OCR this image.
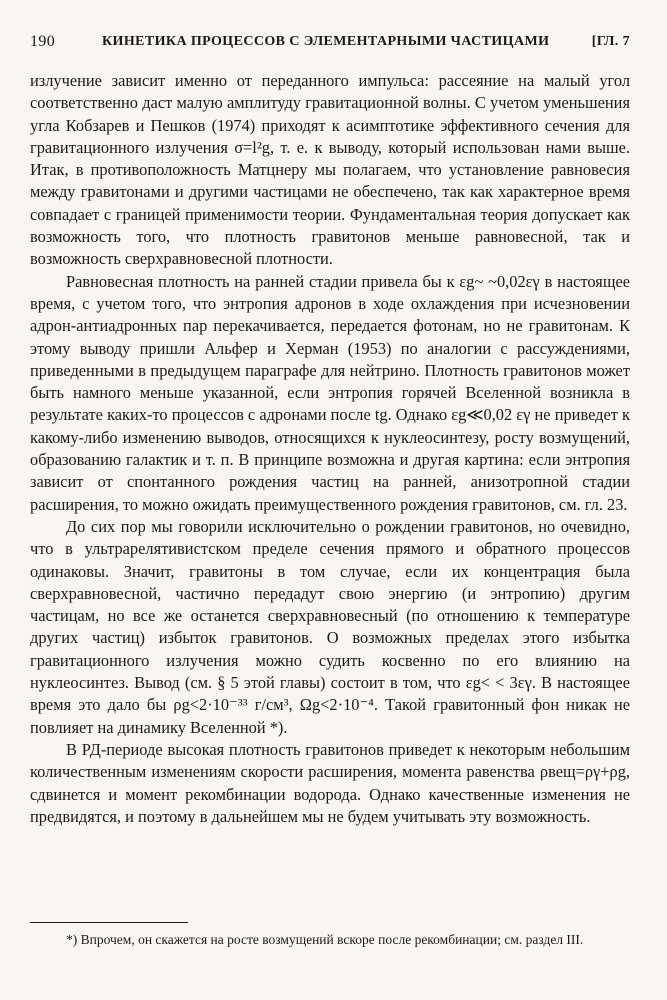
190	КИНЕТИКА ПРОЦЕССОВ С ЭЛЕМЕНТАРНЫМИ ЧАСТИЦАМИ	[ГЛ. 7

излучение зависит именно от переданного импульса: рассеяние на малый угол соответственно даст малую амплитуду гравитационной волны. С учетом уменьшения угла Кобзарев и Пешков (1974) приходят к асимптотике эффективного сечения для гравитационного излучения σ=l²g, т. е. к выводу, который использован нами выше. Итак, в противоположность Матцнеру мы полагаем, что установление равновесия между гравитонами и другими частицами не обеспечено, так как характерное время совпадает с границей применимости теории. Фундаментальная теория допускает как возможность того, что плотность гравитонов меньше равновесной, так и возможность сверхравновесной плотности.

Равновесная плотность на ранней стадии привела бы к εg~ ~0,02εγ в настоящее время, с учетом того, что энтропия адронов в ходе охлаждения при исчезновении адрон-антиадронных пар перекачивается, передается фотонам, но не гравитонам. К этому выводу пришли Альфер и Херман (1953) по аналогии с рассуждениями, приведенными в предыдущем параграфе для нейтрино. Плотность гравитонов может быть намного меньше указанной, если энтропия горячей Вселенной возникла в результате каких-то процессов с адронами после tg. Однако εg≪0,02 εγ не приведет к какому-либо изменению выводов, относящихся к нуклеосинтезу, росту возмущений, образованию галактик и т. п. В принципе возможна и другая картина: если энтропия зависит от спонтанного рождения частиц на ранней, анизотропной стадии расширения, то можно ожидать преимущественного рождения гравитонов, см. гл. 23.

До сих пор мы говорили исключительно о рождении гравитонов, но очевидно, что в ультрарелятивистском пределе сечения прямого и обратного процессов одинаковы. Значит, гравитоны в том случае, если их концентрация была сверхравновесной, частично передадут свою энергию (и энтропию) другим частицам, но все же останется сверхравновесный (по отношению к температуре других частиц) избыток гравитонов. О возможных пределах этого избытка гравитационного излучения можно судить косвенно по его влиянию на нуклеосинтез. Вывод (см. § 5 этой главы) состоит в том, что εg< < 3εγ. В настоящее время это дало бы ρg<2·10⁻³³ г/см³, Ωg<2·10⁻⁴. Такой гравитонный фон никак не повлияет на динамику Вселенной *).

В РД-периоде высокая плотность гравитонов приведет к некоторым небольшим количественным изменениям скорости расширения, момента равенства ρвещ=ργ+ρg, сдвинется и момент рекомбинации водорода. Однако качественные изменения не предвидятся, и поэтому в дальнейшем мы не будем учитывать эту возможность.

*) Впрочем, он скажется на росте возмущений вскоре после рекомбинации; см. раздел III.
